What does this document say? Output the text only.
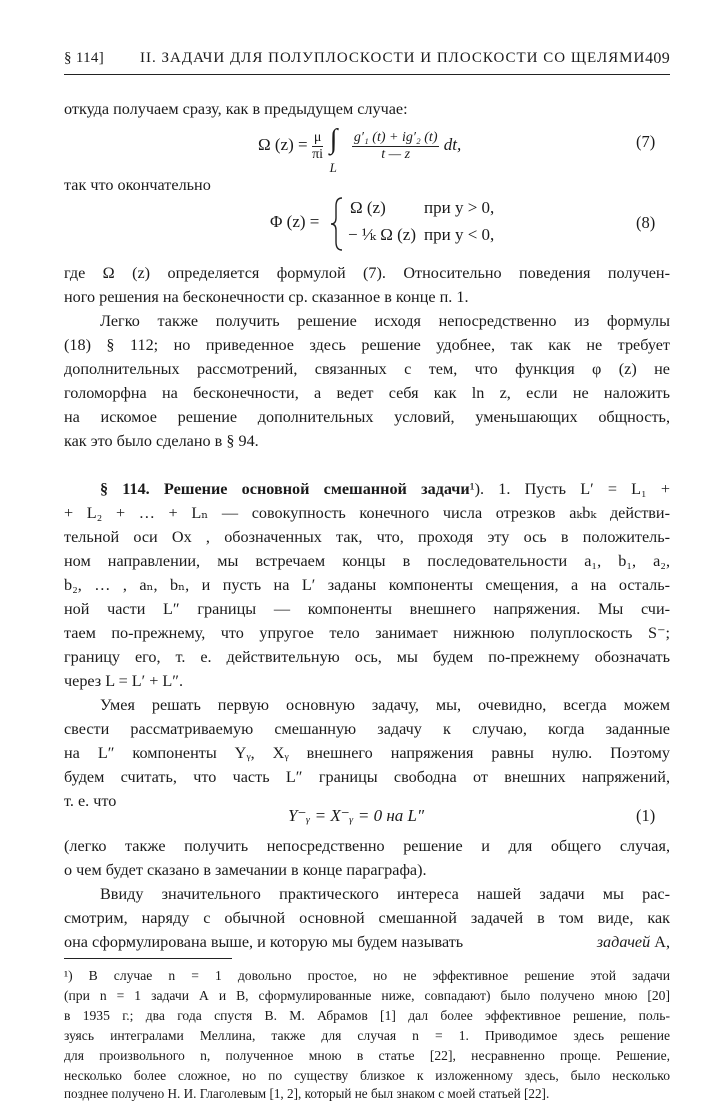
§ 114] II. ЗАДАЧИ ДЛЯ ПОЛУПЛОСКОСТИ И ПЛОСКОСТИ СО ЩЕЛЯМИ 409
откуда получаем сразу, как в предыдущем случае:
Ω $(z) = \frac{\mu}{\pi i}$
∫
L

$\frac{\text{g′₁ (t) + ig′₂ (t)}}{t — z}$ dt,	(7)
так что окончательно
Φ (z) =
Ω (z) при y > 0,
− ¹⁄ₖ Ω (z) при y < 0,
(8)
где Ω (z) определяется формулой (7). Относительно поведения получен-
ного решения на бесконечности ср. сказанное в конце п. 1.
Легко также получить решение исходя непосредственно из формулы
(18) § 112; но приведенное здесь решение удобнее, так как не требует
дополнительных рассмотрений, связанных с тем, что функция φ (z) не
голоморфна на бесконечности, а ведет себя как ln z, если не наложить
на искомое решение дополнительных условий, уменьшающих общность,
как это было сделано в § 94.
§ 114. Решение основной смешанной задачи¹). 1. Пусть L′ = L₁ +
+ L₂ + … + Lₙ — совокупность конечного числа отрезков aₖbₖ действи-
тельной оси Ox , обозначенных так, что, проходя эту ось в положитель-
ном направлении, мы встречаем концы в последовательности a₁, b₁, a₂,
b₂, … , aₙ, bₙ, и пусть на L′ заданы компоненты смещения, а на осталь-
ной части L″ границы — компоненты внешнего напряжения. Мы счи-
таем по-прежнему, что упругое тело занимает нижнюю полуплоскость S⁻;
границу его, т. е. действительную ось, мы будем по-прежнему обозначать
через L = L′ + L″.
Умея решать первую основную задачу, мы, очевидно, всегда можем
свести рассматриваемую смешанную задачу к случаю, когда заданные
на L″ компоненты Yᵧ, Xᵧ внешнего напряжения равны нулю. Поэтому
будем считать, что часть L″ границы свободна от внешних напряжений,
т. е. что
Y⁻ᵧ = X⁻ᵧ = 0 на L″	(1)
(легко также получить непосредственно решение и для общего случая,
о чем будет сказано в замечании в конце параграфа).
Ввиду значительного практического интереса нашей задачи мы рас-
смотрим, наряду с обычной основной смешанной задачей в том виде, как
она сформулирована выше, и которую мы будем называть	задачей А,
¹) В случае n = 1 довольно простое, но не эффективное решение этой задачи
(при n = 1 задачи А и В, сформулированные ниже, совпадают) было получено мною [20]
в 1935 г.; два года спустя В. М. Абрамов [1] дал более эффективное решение, поль-
зуясь интегралами Меллина, также для случая n = 1. Приводимое здесь решение
для произвольного n, полученное мною в статье [22], несравненно проще. Решение,
несколько более сложное, но по существу близкое к изложенному здесь, было несколько
позднее получено Н. И. Глаголевым [1, 2], который не был знаком с моей статьей [22].
